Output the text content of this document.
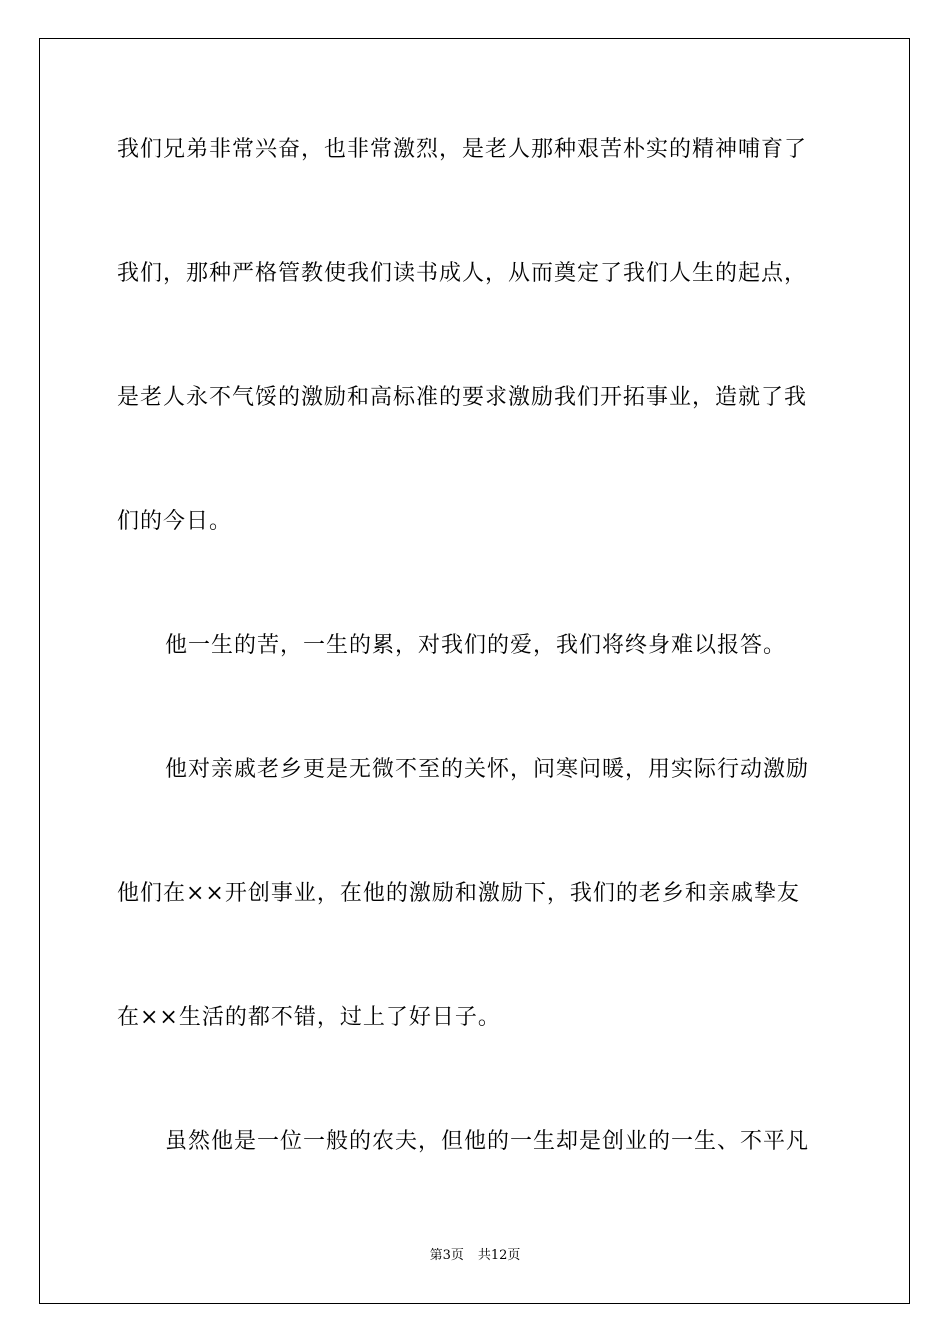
我们兄弟非常兴奋，也非常激烈，是老人那种艰苦朴实的精神哺育了
我们，那种严格管教使我们读书成人，从而奠定了我们人生的起点，
是老人永不气馁的激励和高标准的要求激励我们开拓事业，造就了我
们的今日。
他一生的苦，一生的累，对我们的爱，我们将终身难以报答。
他对亲戚老乡更是无微不至的关怀，问寒问暖，用实际行动激励
他们在××开创事业，在他的激励和激励下，我们的老乡和亲戚挚友
在××生活的都不错，过上了好日子。
虽然他是一位一般的农夫，但他的一生却是创业的一生、不平凡
第3页 共12页
